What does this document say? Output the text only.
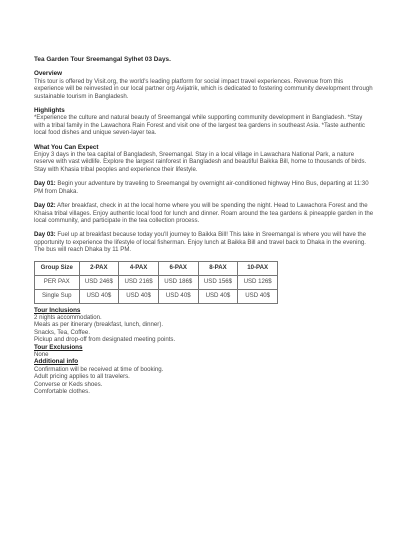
Tea Garden Tour Sreemangal Sylhet 03 Days.

Overview

This tour is offered by Visit.org, the world's leading platform for social impact travel experiences. Revenue from this experience will be reinvested in our local partner org Avijatrik, which is dedicated to fostering community development through sustainable tourism in Bangladesh.

Highlights

*Experience the culture and natural beauty of Sreemangal while supporting community development in Bangladesh. *Stay with a tribal family in the Lawachora Rain Forest and visit one of the largest tea gardens in southeast Asia. *Taste authentic local food dishes and unique seven-layer tea.

What You Can Expect

Enjoy 3 days in the tea capital of Bangladesh, Sreemangal. Stay in a local village in Lawachara National Park, a nature reserve with vast wildlife. Explore the largest rainforest in Bangladesh and beautiful Baikka Bill, home to thousands of birds. Stay with Khasia tribal peoples and experience their lifestyle.

Day 01: Begin your adventure by traveling to Sreemangal by overnight air-conditioned highway Hino Bus, departing at 11:30 PM from Dhaka.

Day 02: After breakfast, check in at the local home where you will be spending the night. Head to Lawachora Forest and the Khaisa tribal villages. Enjoy authentic local food for lunch and dinner. Roam around the tea gardens & pineapple garden in the local community, and participate in the tea collection process.

Day 03: Fuel up at breakfast because today you'll journey to Baikka Bill! This lake in Sreemangal is where you will have the opportunity to experience the lifestyle of local fisherman. Enjoy lunch at Baikka Bill and travel back to Dhaka in the evening. The bus will reach Dhaka by 11 PM.

Group Size	2-PAX	4-PAX	6-PAX	8-PAX	10-PAX
PER PAX	USD 246$	USD 216$	USD 186$	USD 156$	USD 126$
Single Sup	USD 40$	USD 40$	USD 40$	USD 40$	USD 40$

Tour Inclusions

2 nights accommodation.

Meals as per itinerary (breakfast, lunch, dinner).

Snacks, Tea, Coffee.

Pickup and drop-off from designated meeting points.

Tour Exclusions

None

Additional info

Confirmation will be received at time of booking.

Adult pricing applies to all travelers.

Converse or Keds shoes.

Comfortable clothes.
